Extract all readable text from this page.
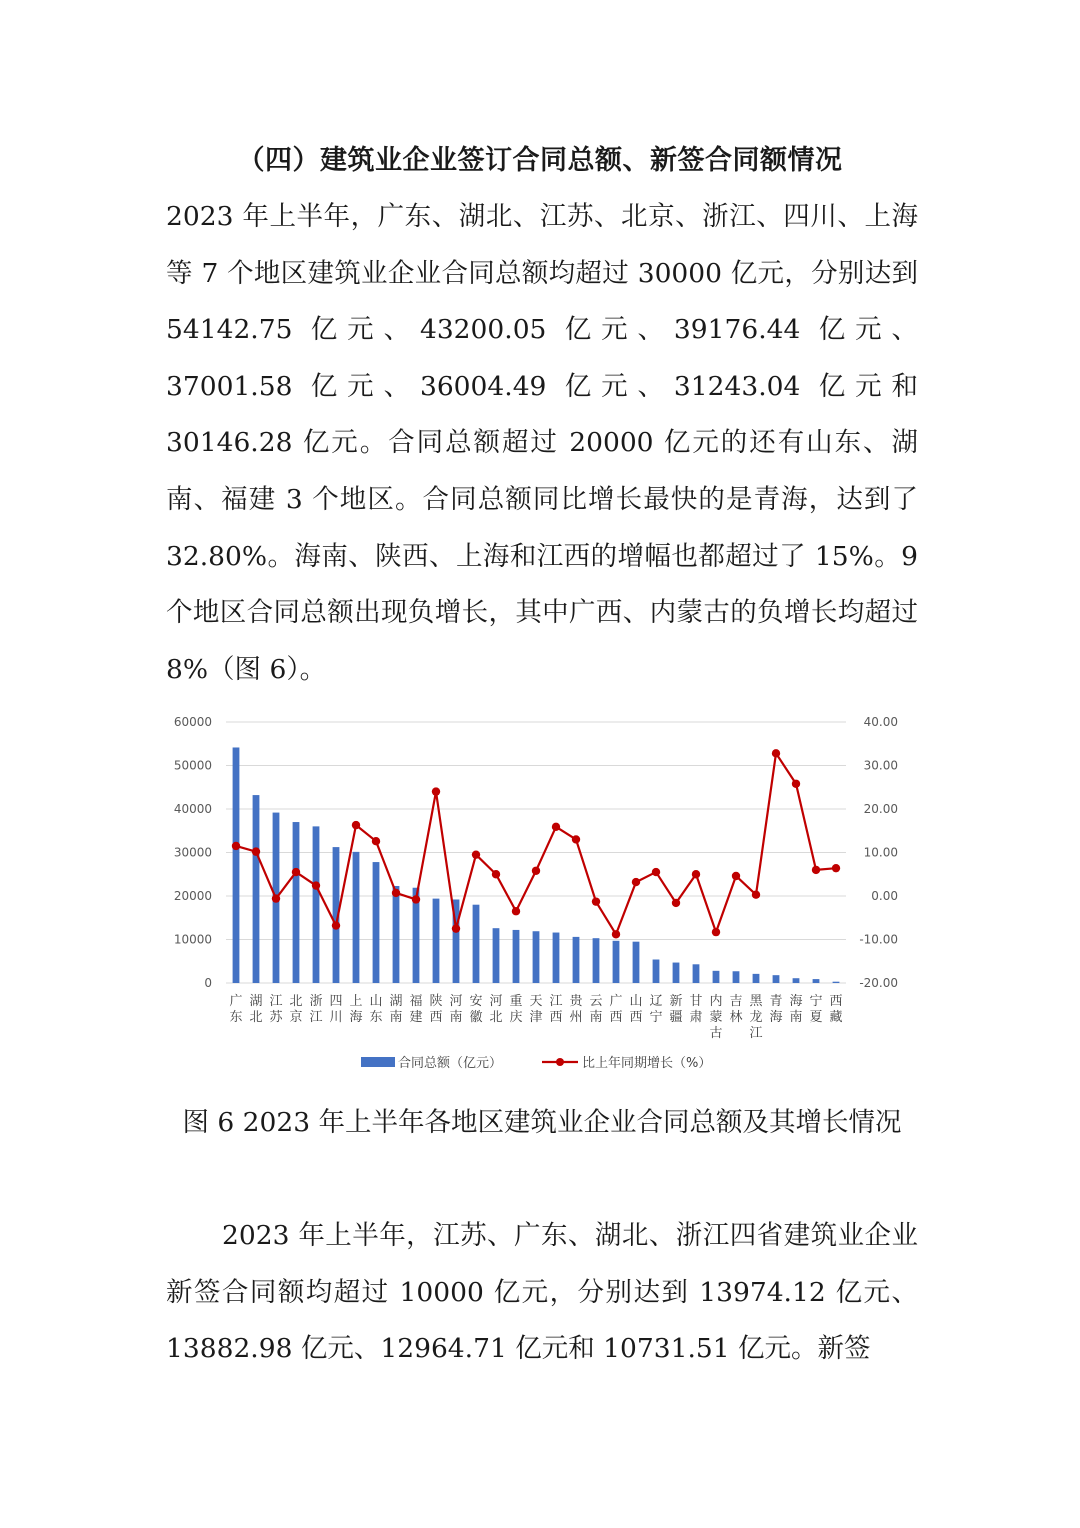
（四）建筑业企业签订合同总额、新签合同额情况

2023 年上半年，广东、湖北、江苏、北京、浙江、四川、上海等 7 个地区建筑业企业合同总额均超过 30000 亿元，分别达到 54142.75 亿元、43200.05 亿元、39176.44 亿元、37001.58 亿元、36004.49 亿元、31243.04 亿元和 30146.28 亿元。合同总额超过 20000 亿元的还有山东、湖南、福建 3 个地区。合同总额同比增长最快的是青海，达到了 32.80%。海南、陕西、上海和江西的增幅也都超过了 15%。9 个地区合同总额出现负增长，其中广西、内蒙古的负增长均超过 8%（图 6）。

60000
50000
40000
30000
20000
10000
0
40.00
30.00
20.00
10.00
0.00
-10.00
-20.00
广东
湖北
江苏
北京
浙江
四川
上海
山东
湖南
福建
陕西
河南
安徽
河北
重庆
天津
江西
贵州
云南
广西
山西
辽宁
新疆
甘肃
内蒙古
吉林
黑龙江
青海
海南
宁夏
西藏
合同总额（亿元）	比上年同期增长（%）

图 6 2023 年上半年各地区建筑业企业合同总额及其增长情况

2023 年上半年，江苏、广东、湖北、浙江四省建筑业企业新签合同额均超过 10000 亿元，分别达到 13974.12 亿元、13882.98 亿元、12964.71 亿元和 10731.51 亿元。新签
